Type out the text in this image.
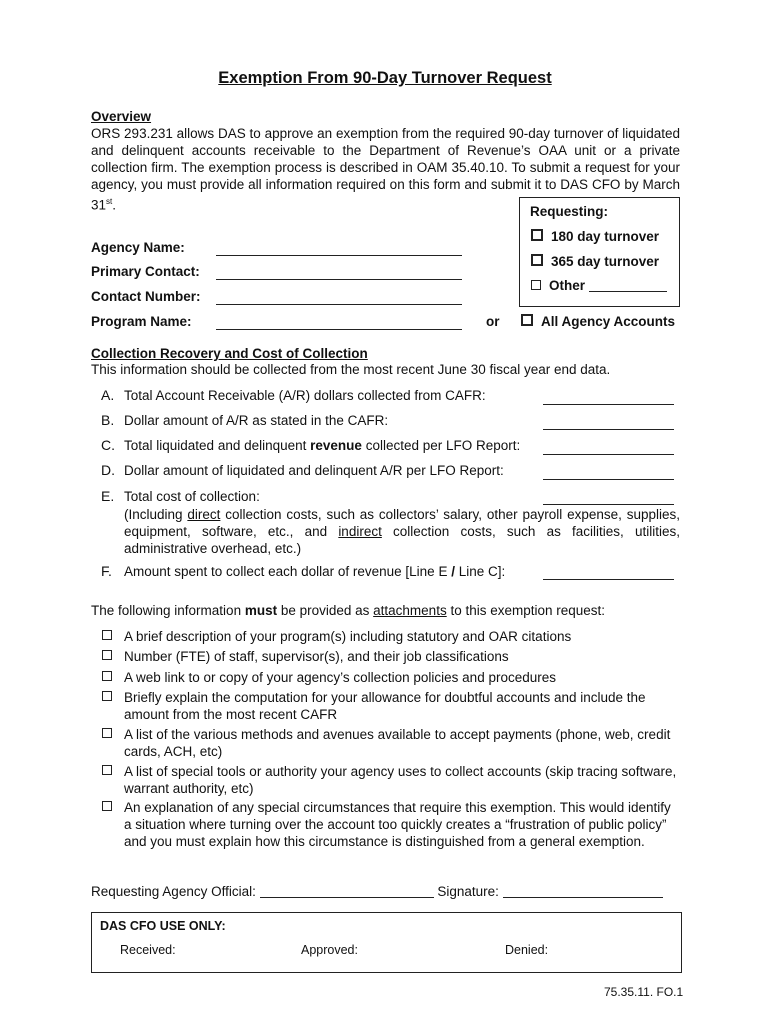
Exemption From 90-Day Turnover Request
Overview
ORS 293.231 allows DAS to approve an exemption from the required 90-day turnover of liquidated and delinquent accounts receivable to the Department of Revenue’s OAA unit or a private collection firm. The exemption process is described in OAM 35.40.10. To submit a request for your agency, you must provide all information required on this form and submit it to DAS CFO by March 31st.	Requesting:
180 day turnover
365 day turnover
Other
Agency Name:
Primary Contact:
Contact Number:
Program Name:	or	All Agency Accounts
Collection Recovery and Cost of Collection
This information should be collected from the most recent June 30 fiscal year end data.
A. Total Account Receivable (A/R) dollars collected from CAFR:
B. Dollar amount of A/R as stated in the CAFR:
C. Total liquidated and delinquent revenue collected per LFO Report:
D. Dollar amount of liquidated and delinquent A/R per LFO Report:
E. Total cost of collection:
(Including direct collection costs, such as collectors’ salary, other payroll expense, supplies, equipment, software, etc., and indirect collection costs, such as facilities, utilities, administrative overhead, etc.)
F. Amount spent to collect each dollar of revenue [Line E / Line C]:
The following information must be provided as attachments to this exemption request:
A brief description of your program(s) including statutory and OAR citations
Number (FTE) of staff, supervisor(s), and their job classifications
A web link to or copy of your agency’s collection policies and procedures
Briefly explain the computation for your allowance for doubtful accounts and include the amount from the most recent CAFR
A list of the various methods and avenues available to accept payments (phone, web, credit cards, ACH, etc)
A list of special tools or authority your agency uses to collect accounts (skip tracing software, warrant authority, etc)
An explanation of any special circumstances that require this exemption. This would identify a situation where turning over the account too quickly creates a “frustration of public policy” and you must explain how this circumstance is distinguished from a general exemption.
Requesting Agency Official:	Signature:
DAS CFO USE ONLY:
Received:	Approved:	Denied:
75.35.11. FO.1
